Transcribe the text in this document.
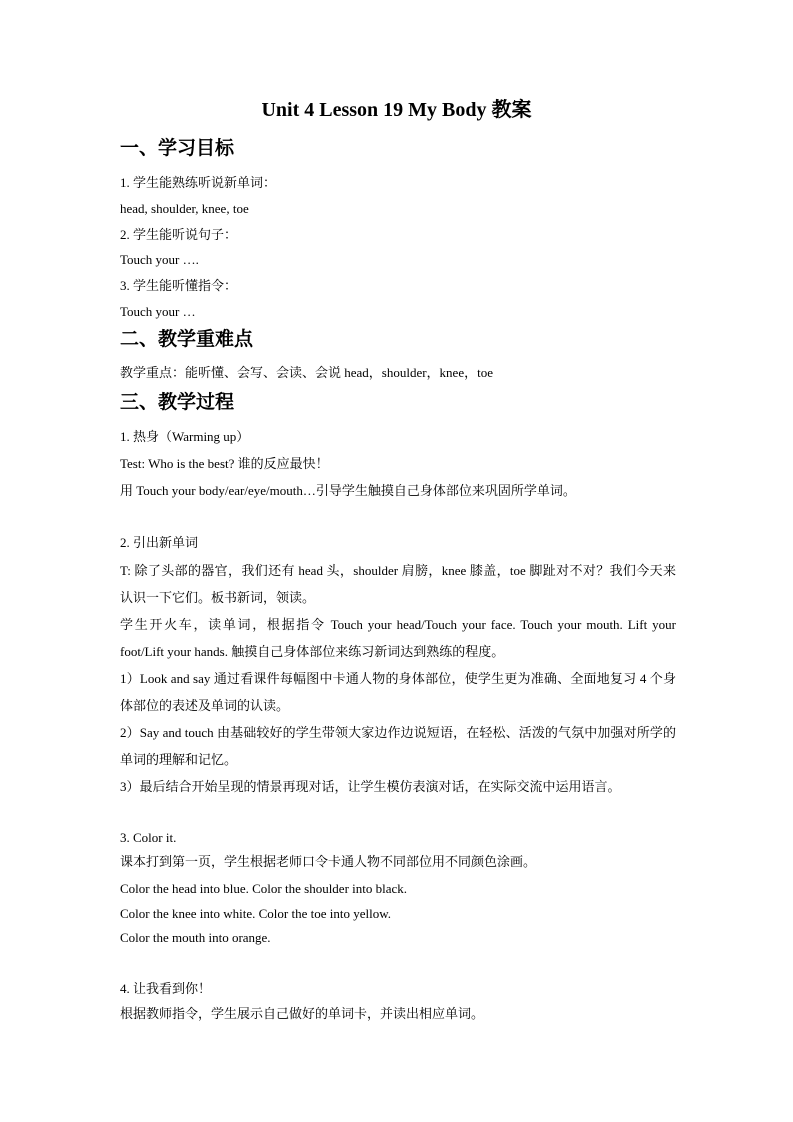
Unit 4 Lesson 19 My Body 教案
一、学习目标

1. 学生能熟练听说新单词：

head, shoulder, knee, toe

2. 学生能听说句子：

Touch your ….

3. 学生能听懂指令：

Touch your …

二、教学重难点

教学重点：能听懂、会写、会读、会说 head，shoulder，knee，toe

三、教学过程

1. 热身（Warming up）

Test: Who is the best? 谁的反应最快！

用 Touch your body/ear/eye/mouth…引导学生触摸自己身体部位来巩固所学单词。

2. 引出新单词

T: 除了头部的器官，我们还有 head 头，shoulder 肩膀，knee 膝盖，toe 脚趾对不对？我们今天来认识一下它们。板书新词，领读。

学生开火车，读单词，根据指令 Touch your head/Touch your face. Touch your mouth. Lift your foot/Lift your hands. 触摸自己身体部位来练习新词达到熟练的程度。

1）Look and say 通过看课件每幅图中卡通人物的身体部位，使学生更为准确、全面地复习 4 个身体部位的表述及单词的认读。

2）Say and touch 由基础较好的学生带领大家边作边说短语，在轻松、活泼的气氛中加强对所学的单词的理解和记忆。

3）最后结合开始呈现的情景再现对话，让学生模仿表演对话，在实际交流中运用语言。

3. Color it.

课本打到第一页，学生根据老师口令卡通人物不同部位用不同颜色涂画。

Color the head into blue. Color the shoulder into black.

Color the knee into white. Color the toe into yellow.

Color the mouth into orange.

4. 让我看到你！

根据教师指令，学生展示自己做好的单词卡，并读出相应单词。
